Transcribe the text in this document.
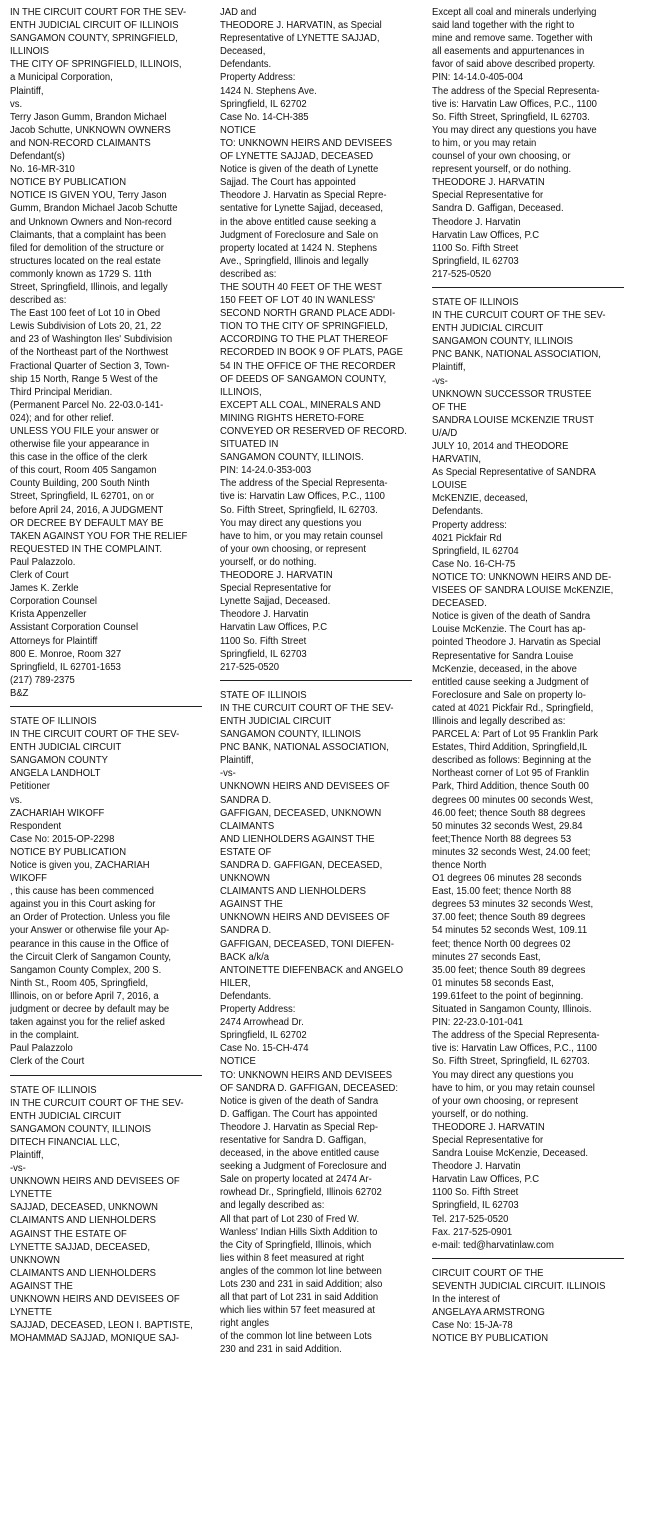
IN THE CIRCUIT COURT FOR THE SEV-
ENTH JUDICIAL CIRCUIT OF ILLINOIS
SANGAMON COUNTY, SPRINGFIELD,
ILLINOIS
THE CITY OF SPRINGFIELD, ILLINOIS,
a Municipal Corporation,
Plaintiff,
vs.
Terry Jason Gumm, Brandon Michael
Jacob Schutte, UNKNOWN OWNERS
and NON-RECORD CLAIMANTS
Defendant(s)
No. 16-MR-310
NOTICE BY PUBLICATION
NOTICE IS GIVEN YOU, Terry Jason
Gumm, Brandon Michael Jacob Schutte
and Unknown Owners and Non-record
Claimants, that a complaint has been
filed for demolition of the structure or
structures located on the real estate
commonly known as 1729 S. 11th
Street, Springfield, Illinois, and legally
described as:
The East 100 feet of Lot 10 in Obed
Lewis Subdivision of Lots 20, 21, 22
and 23 of Washington Iles' Subdivision
of the Northeast part of the Northwest
Fractional Quarter of Section 3, Town-
ship 15 North, Range 5 West of the
Third Principal Meridian.
(Permanent Parcel No. 22-03.0-141-
024); and for other relief.
UNLESS YOU FILE your answer or
otherwise file your appearance in
this case in the office of the clerk
of this court, Room 405 Sangamon
County Building, 200 South Ninth
Street, Springfield, IL 62701, on or
before April 24, 2016, A JUDGMENT
OR DECREE BY DEFAULT MAY BE
TAKEN AGAINST YOU FOR THE RELIEF
REQUESTED IN THE COMPLAINT.
Paul Palazzolo.
Clerk of Court
James K. Zerkle
Corporation Counsel
Krista Appenzeller
Assistant Corporation Counsel
Attorneys for Plaintiff
800 E. Monroe, Room 327
Springfield, IL 62701-1653
(217) 789-2375
B&Z
STATE OF ILLINOIS
IN THE CIRCUIT COURT OF THE SEV-
ENTH JUDICIAL CIRCUIT
SANGAMON COUNTY
ANGELA LANDHOLT
Petitioner
vs.
ZACHARIAH WIKOFF
Respondent
Case No: 2015-OP-2298
NOTICE BY PUBLICATION
Notice is given you, ZACHARIAH
WIKOFF
, this cause has been commenced
against you in this Court asking for
an Order of Protection. Unless you file
your Answer or otherwise file your Ap-
pearance in this cause in the Office of
the Circuit Clerk of Sangamon County,
Sangamon County Complex, 200 S.
Ninth St., Room 405, Springfield,
Illinois, on or before April 7, 2016, a
judgment or decree by default may be
taken against you for the relief asked
in the complaint.
Paul Palazzolo
Clerk of the Court
STATE OF ILLINOIS
IN THE CURCUIT COURT OF THE SEV-
ENTH JUDICIAL CIRCUIT
SANGAMON COUNTY, ILLINOIS
DITECH FINANCIAL LLC,
Plaintiff,
-vs-
UNKNOWN HEIRS AND DEVISEES OF
LYNETTE
SAJJAD, DECEASED, UNKNOWN
CLAIMANTS AND LIENHOLDERS
AGAINST THE ESTATE OF
LYNETTE SAJJAD, DECEASED,
UNKNOWN
CLAIMANTS AND LIENHOLDERS
AGAINST THE
UNKNOWN HEIRS AND DEVISEES OF
LYNETTE
SAJJAD, DECEASED, LEON I. BAPTISTE,
MOHAMMAD SAJJAD, MONIQUE SAJ-
JAD and
THEODORE J. HARVATIN, as Special
Representative of LYNETTE SAJJAD,
Deceased,
Defendants.
Property Address:
1424 N. Stephens Ave.
Springfield, IL 62702
Case No. 14-CH-385
NOTICE
TO: UNKNOWN HEIRS AND DEVISEES
OF LYNETTE SAJJAD, DECEASED
Notice is given of the death of Lynette
Sajjad. The Court has appointed
Theodore J. Harvatin as Special Repre-
sentative for Lynette Sajjad, deceased,
in the above entitled cause seeking a
Judgment of Foreclosure and Sale on
property located at 1424 N. Stephens
Ave., Springfield, Illinois and legally
described as:
THE SOUTH 40 FEET OF THE WEST
150 FEET OF LOT 40 IN WANLESS'
SECOND NORTH GRAND PLACE ADDI-
TION TO THE CITY OF SPRINGFIELD,
ACCORDING TO THE PLAT THEREOF
RECORDED IN BOOK 9 OF PLATS, PAGE
54 IN THE OFFICE OF THE RECORDER
OF DEEDS OF SANGAMON COUNTY,
ILLINOIS,
EXCEPT ALL COAL, MINERALS AND
MINING RIGHTS HERETO-FORE
CONVEYED OR RESERVED OF RECORD.
SITUATED IN
SANGAMON COUNTY, ILLINOIS.
PIN: 14-24.0-353-003
The address of the Special Representa-
tive is: Harvatin Law Offices, P.C., 1100
So. Fifth Street, Springfield, IL 62703.
You may direct any questions you
have to him, or you may retain counsel
of your own choosing, or represent
yourself, or do nothing.
THEODORE J. HARVATIN
Special Representative for
Lynette Sajjad, Deceased.
Theodore J. Harvatin
Harvatin Law Offices, P.C
1100 So. Fifth Street
Springfield, IL 62703
217-525-0520
STATE OF ILLINOIS
IN THE CURCUIT COURT OF THE SEV-
ENTH JUDICIAL CIRCUIT
SANGAMON COUNTY, ILLINOIS
PNC BANK, NATIONAL ASSOCIATION,
Plaintiff,
-vs-
UNKNOWN HEIRS AND DEVISEES OF
SANDRA D.
GAFFIGAN, DECEASED, UNKNOWN
CLAIMANTS
AND LIENHOLDERS AGAINST THE
ESTATE OF
SANDRA D. GAFFIGAN, DECEASED,
UNKNOWN
CLAIMANTS AND LIENHOLDERS
AGAINST THE
UNKNOWN HEIRS AND DEVISEES OF
SANDRA D.
GAFFIGAN, DECEASED, TONI DIEFEN-
BACK a/k/a
ANTOINETTE DIEFENBACK and ANGELO
HILER,
Defendants.
Property Address:
2474 Arrowhead Dr.
Springfield, IL 62702
Case No. 15-CH-474
NOTICE
TO: UNKNOWN HEIRS AND DEVISEES
OF SANDRA D. GAFFIGAN, DECEASED:
Notice is given of the death of Sandra
D. Gaffigan. The Court has appointed
Theodore J. Harvatin as Special Rep-
resentative for Sandra D. Gaffigan,
deceased, in the above entitled cause
seeking a Judgment of Foreclosure and
Sale on property located at 2474 Ar-
rowhead Dr., Springfield, Illinois 62702
and legally described as:
All that part of Lot 230 of Fred W.
Wanless' Indian Hills Sixth Addition to
the City of Springfield, Illinois, which
lies within 8 feet measured at right
angles of the common lot line between
Lots 230 and 231 in said Addition; also
all that part of Lot 231 in said Addition
which lies within 57 feet measured at
right angles
of the common lot line between Lots
230 and 231 in said Addition.
Except all coal and minerals underlying
said land together with the right to
mine and remove same. Together with
all easements and appurtenances in
favor of said above described property.
PIN: 14-14.0-405-004
The address of the Special Representa-
tive is: Harvatin Law Offices, P.C., 1100
So. Fifth Street, Springfield, IL 62703.
You may direct any questions you have
to him, or you may retain
counsel of your own choosing, or
represent yourself, or do nothing.
THEODORE J. HARVATIN
Special Representative for
Sandra D. Gaffigan, Deceased.
Theodore J. Harvatin
Harvatin Law Offices, P.C
1100 So. Fifth Street
Springfield, IL 62703
217-525-0520
STATE OF ILLINOIS
IN THE CURCUIT COURT OF THE SEV-
ENTH JUDICIAL CIRCUIT
SANGAMON COUNTY, ILLINOIS
PNC BANK, NATIONAL ASSOCIATION,
Plaintiff,
-vs-
UNKNOWN SUCCESSOR TRUSTEE
OF THE
SANDRA LOUISE MCKENZIE TRUST
U/A/D
JULY 10, 2014 and THEODORE
HARVATIN,
As Special Representative of SANDRA
LOUISE
McKENZIE, deceased,
Defendants.
Property address:
4021 Pickfair Rd
Springfield, IL 62704
Case No. 16-CH-75
NOTICE TO: UNKNOWN HEIRS AND DE-
VISEES OF SANDRA LOUISE McKENZIE,
DECEASED.
Notice is given of the death of Sandra
Louise McKenzie. The Court has ap-
pointed Theodore J. Harvatin as Special
Representative for Sandra Louise
McKenzie, deceased, in the above
entitled cause seeking a Judgment of
Foreclosure and Sale on property lo-
cated at 4021 Pickfair Rd., Springfield,
Illinois and legally described as:
PARCEL A: Part of Lot 95 Franklin Park
Estates, Third Addition, Springfield,IL
described as follows: Beginning at the
Northeast corner of Lot 95 of Franklin
Park, Third Addition, thence South 00
degrees 00 minutes 00 seconds West,
46.00 feet; thence South 88 degrees
50 minutes 32 seconds West, 29.84
feet;Thence North 88 degrees 53
minutes 32 seconds West, 24.00 feet;
thence North
O1 degrees 06 minutes 28 seconds
East, 15.00 feet; thence North 88
degrees 53 minutes 32 seconds West,
37.00 feet; thence South 89 degrees
54 minutes 52 seconds West, 109.11
feet; thence North 00 degrees 02
minutes 27 seconds East,
35.00 feet; thence South 89 degrees
01 minutes 58 seconds East,
199.61feet to the point of beginning.
Situated in Sangamon County, Illinois.
PIN: 22-23.0-101-041
The address of the Special Representa-
tive is: Harvatin Law Offices, P.C., 1100
So. Fifth Street, Springfield, IL 62703.
You may direct any questions you
have to him, or you may retain counsel
of your own choosing, or represent
yourself, or do nothing.
THEODORE J. HARVATIN
Special Representative for
Sandra Louise McKenzie, Deceased.
Theodore J. Harvatin
Harvatin Law Offices, P.C
1100 So. Fifth Street
Springfield, IL 62703
Tel. 217-525-0520
Fax. 217-525-0901
e-mail: ted@harvatinlaw.com
CIRCUIT COURT OF THE
SEVENTH JUDICIAL CIRCUIT. ILLINOIS
In the interest of
ANGELAYA ARMSTRONG
Case No: 15-JA-78
NOTICE BY PUBLICATION
